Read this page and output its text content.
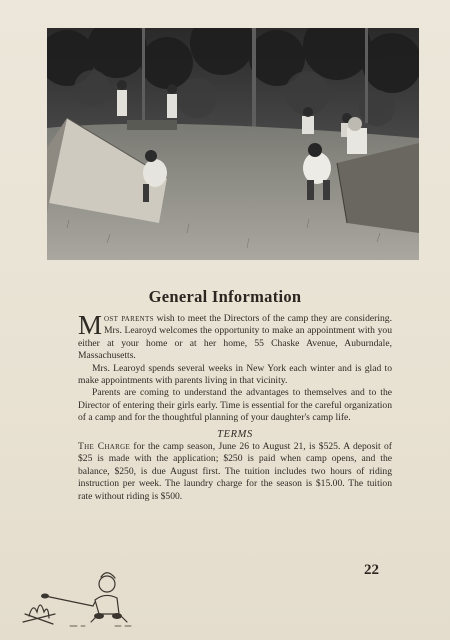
General Information

Most parents wish to meet the Directors of the camp they are considering. Mrs. Learoyd welcomes the opportunity to make an appointment with you either at your home or at her home, 55 Chaske Avenue, Auburndale, Massachusetts.

Mrs. Learoyd spends several weeks in New York each winter and is glad to make appointments with parents living in that vicinity.

Parents are coming to understand the advantages to themselves and to the Director of entering their girls early. Time is essential for the careful organization of a camp and for the thoughtful planning of your daughter's camp life.

TERMS

The Charge for the camp season, June 26 to August 21, is $525. A deposit of $25 is made with the application; $250 is paid when camp opens, and the balance, $250, is due August first. The tuition includes two hours of riding instruction per week. The laundry charge for the season is $15.00. The tuition rate without riding is $500.

22
